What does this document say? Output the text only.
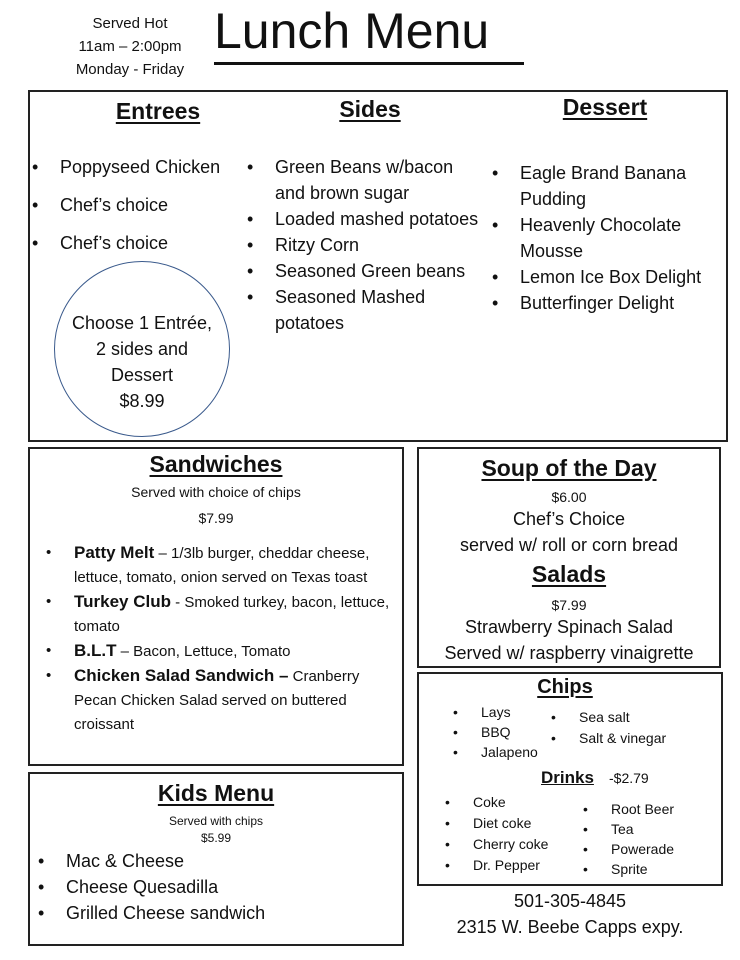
Served Hot
11am – 2:00pm
Monday - Friday
Lunch Menu
Entrees	Sides	Dessert
• Poppyseed Chicken
• Chef’s choice
• Chef’s choice
Choose 1 Entrée,
2 sides and
Dessert
$8.99
• Green Beans w/bacon and brown sugar
• Loaded mashed potatoes
• Ritzy Corn
• Seasoned Green beans
• Seasoned Mashed potatoes
• Eagle Brand Banana Pudding
• Heavenly Chocolate Mousse
• Lemon Ice Box Delight
• Butterfinger Delight
Sandwiches
Served with choice of chips
$7.99
• Patty Melt – 1/3lb burger, cheddar cheese, lettuce, tomato, onion served on Texas toast
• Turkey Club - Smoked turkey, bacon, lettuce, tomato
• B.L.T – Bacon, Lettuce, Tomato
• Chicken Salad Sandwich – Cranberry Pecan Chicken Salad served on buttered croissant
Soup of the Day
$6.00
Chef’s Choice
served w/ roll or corn bread
Salads
$7.99
Strawberry Spinach Salad
Served w/ raspberry vinaigrette
Chips
• Lays
• BBQ
• Jalapeno
• Sea salt
• Salt & vinegar
Drinks -$2.79
• Coke
• Diet coke
• Cherry coke
• Dr. Pepper
• Root Beer
• Tea
• Powerade
• Sprite
501-305-4845
2315 W. Beebe Capps expy.
Kids Menu
Served with chips
$5.99
• Mac & Cheese
• Cheese Quesadilla
• Grilled Cheese sandwich
